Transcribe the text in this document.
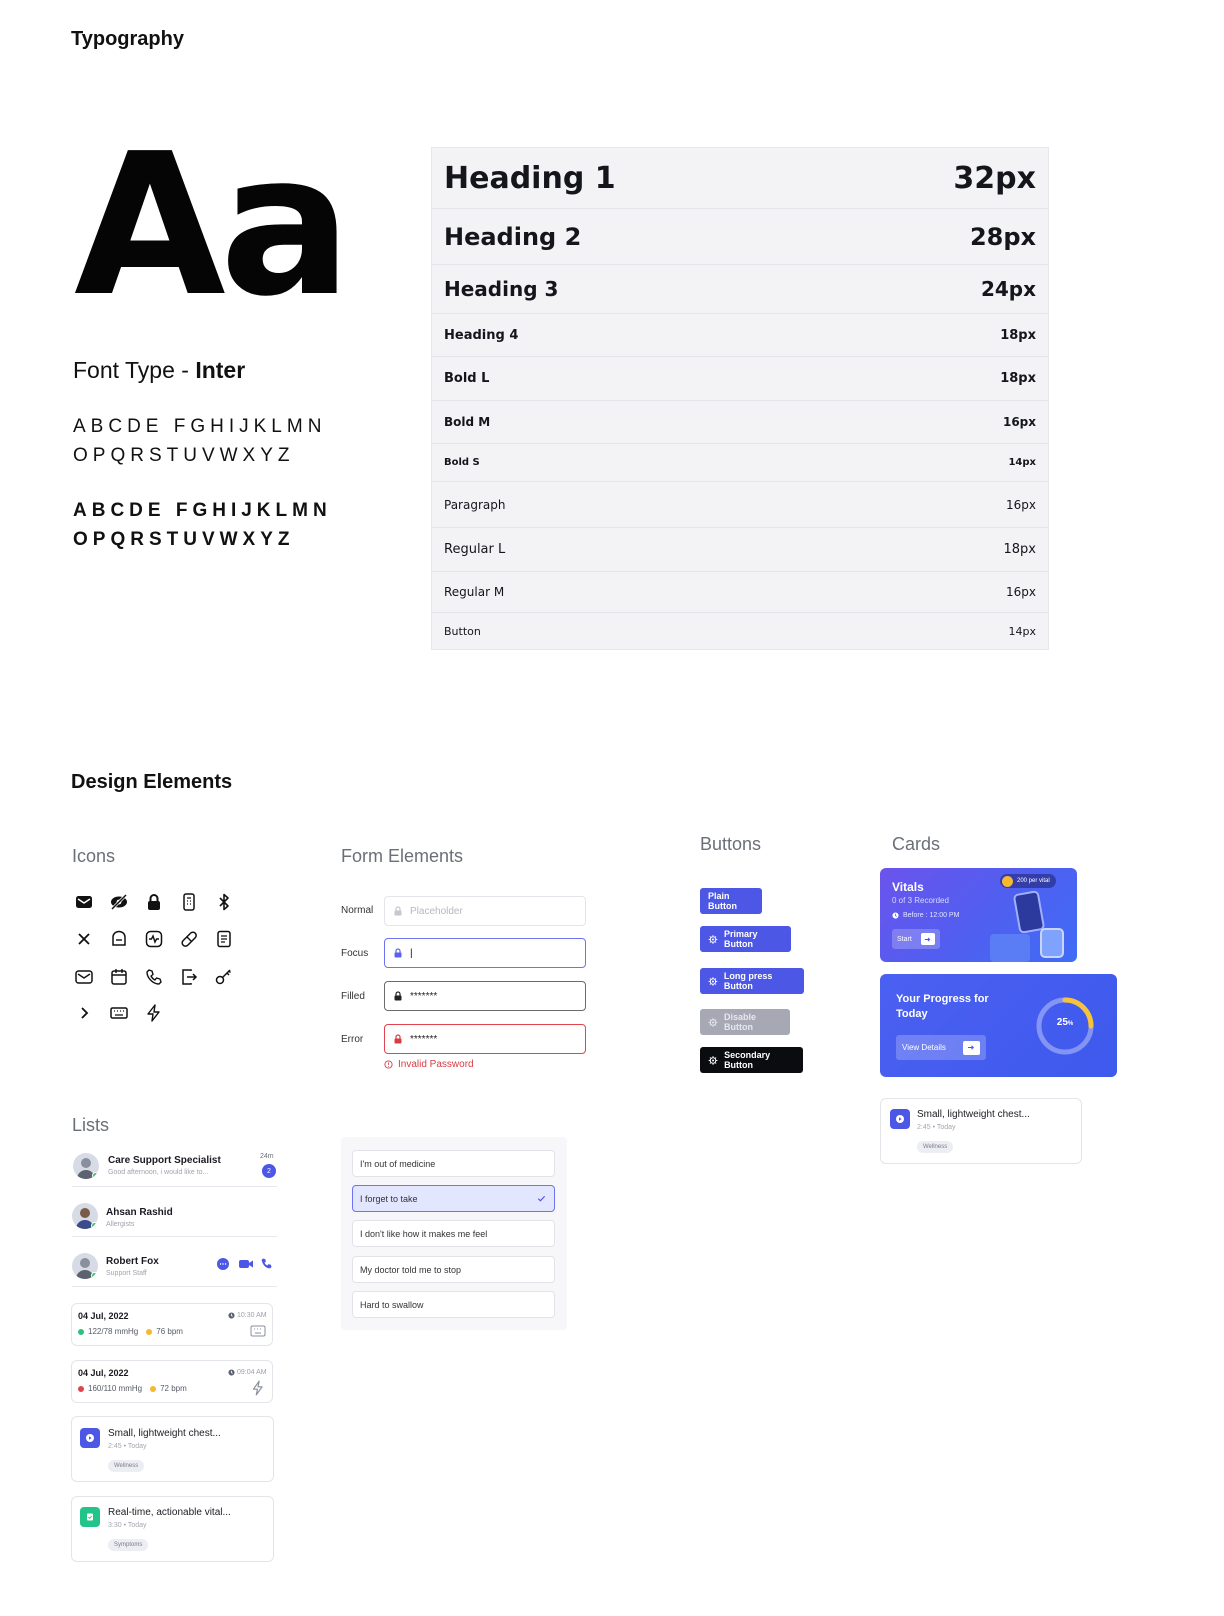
Typography
Aa
Font Type - Inter
ABCDE FGHIJKLMN
OPQRSTUVWXYZ
ABCDE FGHIJKLMN
OPQRSTUVWXYZ
Heading 1	32px
Heading 2	28px
Heading 3	24px
Heading 4	18px
Bold L	18px
Bold M	16px
Bold S	14px
Paragraph	16px
Regular L	18px
Regular M	16px
Button	14px
Design Elements
Icons	Form Elements
Buttons	Cards
Lists
Normal	Placeholder
Focus	|
Filled	*******
Error	*******
Invalid Password
I'm out of medicine
I forget to take
I don't like how it makes me feel
My doctor told me to stop
Hard to swallow
Plain Button
Primary Button
Long press Button
Disable Button
Secondary Button
Vitals
0 of 3 Recorded
Before : 12:00 PM
Start
200 per vital
Your Progress for
Today
View Details
25%
Small, lightweight chest...
2:45 • Today
Wellness
Care Support Specialist
Good afternoon, i would like to...
24m
2
Ahsan Rashid
Allergists
Robert Fox
Support Staff
04 Jul, 2022	10:30 AM
122/78 mmHg 76 bpm
04 Jul, 2022	09:04 AM
160/110 mmHg 72 bpm
Small, lightweight chest...
2:45 • Today
Wellness
Real-time, actionable vital...
3:30 • Today
Symptoms
